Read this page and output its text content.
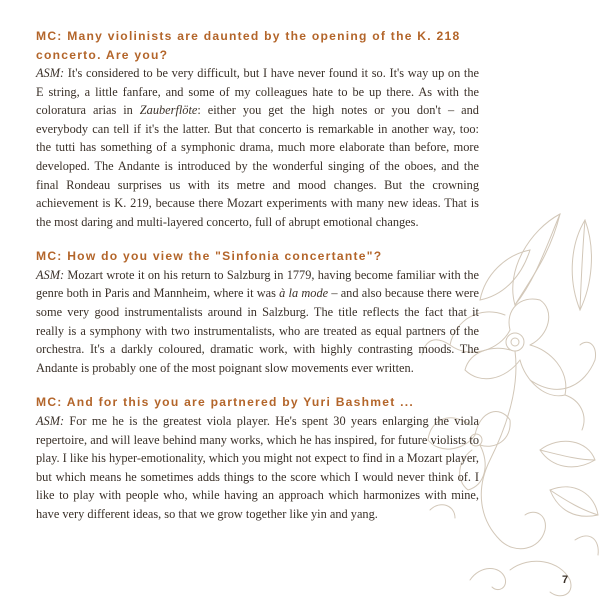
MC: Many violinists are daunted by the opening of the K. 218 concerto. Are you?

ASM: It's considered to be very difficult, but I have never found it so. It's way up on the E string, a little fanfare, and some of my colleagues hate to be up there. As with the coloratura arias in Zauberflöte: either you get the high notes or you don't – and everybody can tell if it's the latter. But that concerto is remarkable in another way, too: the tutti has something of a symphonic drama, much more elaborate than before, more developed. The Andante is introduced by the wonderful singing of the oboes, and the final Rondeau surprises us with its metre and mood changes. But the crowning achievement is K. 219, because there Mozart experiments with many new ideas. That is the most daring and multi-layered concerto, full of abrupt emotional changes.

MC: How do you view the "Sinfonia concertante"?

ASM: Mozart wrote it on his return to Salzburg in 1779, having become familiar with the genre both in Paris and Mannheim, where it was à la mode – and also because there were some very good instrumentalists around in Salzburg. The title reflects the fact that it really is a symphony with two instrumentalists, who are treated as equal partners of the orchestra. It's a darkly coloured, dramatic work, with highly contrasting moods. The Andante is probably one of the most poignant slow movements ever written.

MC: And for this you are partnered by Yuri Bashmet ...

ASM: For me he is the greatest viola player. He's spent 30 years enlarging the viola repertoire, and will leave behind many works, which he has inspired, for future violists to play. I like his hyper-emotionality, which you might not expect to find in a Mozart player, but which means he sometimes adds things to the score which I would never think of. I like to play with people who, while having an approach which harmonizes with mine, have very different ideas, so that we grow together like yin and yang.

7
